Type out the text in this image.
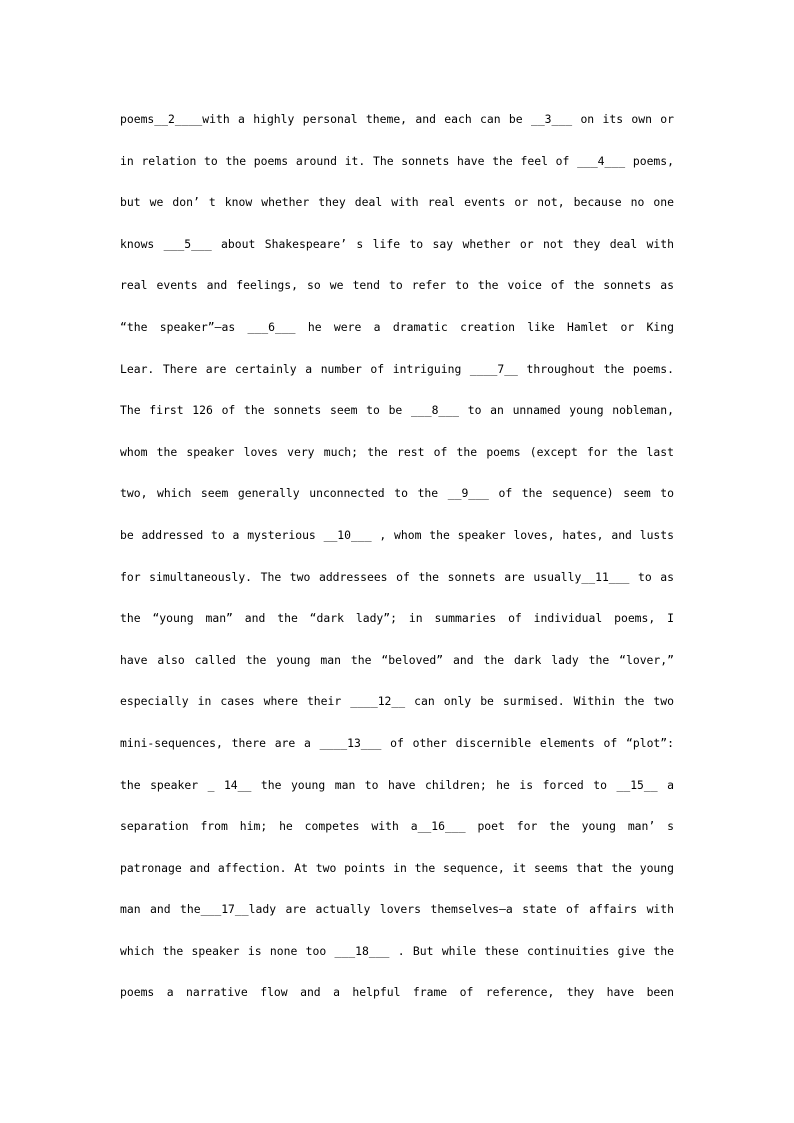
poems__2____with a highly personal theme, and each can be __3___ on its own or
in relation to the poems around it. The sonnets have the feel of ___4___ poems,
but we don’ t know whether they deal with real events or not, because no one
knows ___5___ about Shakespeare’ s life to say whether or not they deal with
real events and feelings, so we tend to refer to the voice of the sonnets as
“the speaker”—as ___6___ he were a dramatic creation like Hamlet or King
Lear. There are certainly a number of intriguing ____7__ throughout the poems.
The first 126 of the sonnets seem to be ___8___ to an unnamed young nobleman,
whom the speaker loves very much; the rest of the poems (except for the last
two, which seem generally unconnected to the __9___ of the sequence) seem to
be addressed to a mysterious __10___ , whom the speaker loves, hates, and lusts
for simultaneously. The two addressees of the sonnets are usually__11___ to as
the “young man” and the “dark lady”; in summaries of individual poems, I
have also called the young man the “beloved” and the dark lady the “lover,”
especially in cases where their ____12__ can only be surmised. Within the two
mini-sequences, there are a ____13___ of other discernible elements of “plot”:
the speaker _ 14__ the young man to have children; he is forced to __15__ a
separation from him; he competes with a__16___ poet for the young man’ s
patronage and affection. At two points in the sequence, it seems that the young
man and the___17__lady are actually lovers themselves—a state of affairs with
which the speaker is none too ___18___ . But while these continuities give the
poems a narrative flow and a helpful frame of reference, they have been
